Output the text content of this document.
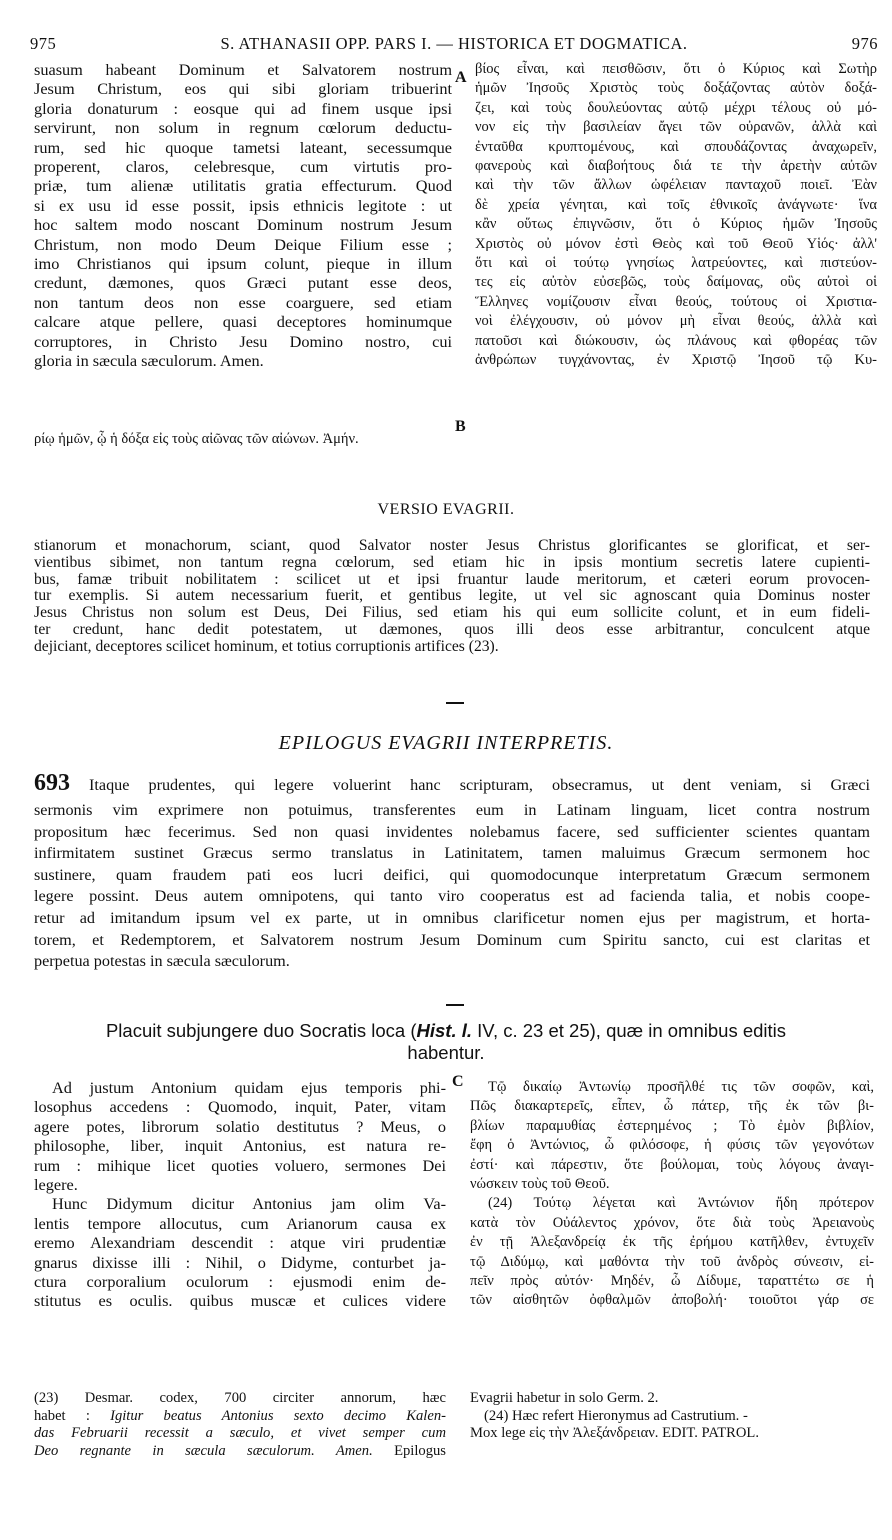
975	S. ATHANASII OPP. PARS I. — HISTORICA ET DOGMATICA.	976
suasum habeant Dominum et Salvatorem nostrum
Jesum Christum, eos qui sibi gloriam tribuerint
gloria donaturum : eosque qui ad finem usque ipsi
servirunt, non solum in regnum cœlorum deductu-
rum, sed hic quoque tametsi lateant, secessumque
properent, claros, celebresque, cum virtutis pro-
priæ, tum alienæ utilitatis gratia effecturum. Quod
si ex usu id esse possit, ipsis ethnicis legitote : ut
hoc saltem modo noscant Dominum nostrum Jesum
Christum, non modo Deum Deique Filium esse ;
imo Christianos qui ipsum colunt, pieque in illum
credunt, dæmones, quos Græci putant esse deos,
non tantum deos non esse coarguere, sed etiam
calcare atque pellere, quasi deceptores hominumque
corruptores, in Christo Jesu Domino nostro, cui
gloria in sæcula sæculorum. Amen.
A
B
βίος εἶναι, καὶ πεισθῶσιν, ὅτι ὁ Κύριος καὶ Σωτὴρ
ἡμῶν Ἰησοῦς Χριστὸς τοὺς δοξάζοντας αὐτὸν δοξά-
ζει, καὶ τοὺς δουλεύοντας αὐτῷ μέχρι τέλους οὐ μό-
νον εἰς τὴν βασιλείαν ἄγει τῶν οὐρανῶν, ἀλλὰ καὶ
ἐνταῦθα κρυπτομένους, καὶ σπουδάζοντας ἀναχωρεῖν,
φανεροὺς καὶ διαβοήτους διά τε τὴν ἀρετὴν αὐτῶν
καὶ τὴν τῶν ἄλλων ὠφέλειαν πανταχοῦ ποιεῖ. Ἐὰν
δὲ χρεία γένηται, καὶ τοῖς ἐθνικοῖς ἀνάγνωτε· ἵνα
κἂν οὕτως ἐπιγνῶσιν, ὅτι ὁ Κύριος ἡμῶν Ἰησοῦς
Χριστὸς οὐ μόνον ἐστὶ Θεὸς καὶ τοῦ Θεοῦ Υἱός· ἀλλ'
ὅτι καὶ οἱ τούτῳ γνησίως λατρεύοντες, καὶ πιστεύον-
τες εἰς αὐτὸν εὐσεβῶς, τοὺς δαίμονας, οὓς αὐτοὶ οἱ
Ἕλληνες νομίζουσιν εἶναι θεούς, τούτους οἱ Χριστια-
νοὶ ἐλέγχουσιν, οὐ μόνον μὴ εἶναι θεούς, ἀλλὰ καὶ
πατοῦσι καὶ διώκουσιν, ὡς πλάνους καὶ φθορέας τῶν
ἀνθρώπων τυγχάνοντας, ἐν Χριστῷ Ἰησοῦ τῷ Κυ-
ρίῳ ἡμῶν, ᾧ ἡ δόξα εἰς τοὺς αἰῶνας τῶν αἰώνων. Ἀμήν.
VERSIO EVAGRII.
stianorum et monachorum, sciant, quod Salvator noster Jesus Christus glorificantes se glorificat, et ser-
vientibus sibimet, non tantum regna cœlorum, sed etiam hic in ipsis montium secretis latere cupienti-
bus, famæ tribuit nobilitatem : scilicet ut et ipsi fruantur laude meritorum, et cæteri eorum provocen-
tur exemplis. Si autem necessarium fuerit, et gentibus legite, ut vel sic agnoscant quia Dominus noster
Jesus Christus non solum est Deus, Dei Filius, sed etiam his qui eum sollicite colunt, et in eum fideli-
ter credunt, hanc dedit potestatem, ut dæmones, quos illi deos esse arbitrantur, conculcent atque
dejiciant, deceptores scilicet hominum, et totius corruptionis artifices (23).
EPILOGUS EVAGRII INTERPRETIS.
693 Itaque prudentes, qui legere voluerint hanc scripturam, obsecramus, ut dent veniam, si Græci
sermonis vim exprimere non potuimus, transferentes eum in Latinam linguam, licet contra nostrum
propositum hæc fecerimus. Sed non quasi invidentes nolebamus facere, sed sufficienter scientes quantam
infirmitatem sustinet Græcus sermo translatus in Latinitatem, tamen maluimus Græcum sermonem hoc
sustinere, quam fraudem pati eos lucri deifici, qui quomodocunque interpretatum Græcum sermonem
legere possint. Deus autem omnipotens, qui tanto viro cooperatus est ad facienda talia, et nobis coope-
retur ad imitandum ipsum vel ex parte, ut in omnibus clarificetur nomen ejus per magistrum, et horta-
torem, et Redemptorem, et Salvatorem nostrum Jesum Dominum cum Spiritu sancto, cui est claritas et
perpetua potestas in sæcula sæculorum.
Placuit subjungere duo Socratis loca (Hist. l. IV, c. 23 et 25), quæ in omnibus editis
habentur.
Ad justum Antonium quidam ejus temporis phi-
losophus accedens : Quomodo, inquit, Pater, vitam
agere potes, librorum solatio destitutus ? Meus, o
philosophe, liber, inquit Antonius, est natura re-
rum : mihique licet quoties voluero, sermones Dei
legere.
Hunc Didymum dicitur Antonius jam olim Va-
lentis tempore allocutus, cum Arianorum causa ex
eremo Alexandriam descendit : atque viri prudentiæ
gnarus dixisse illi : Nihil, o Didyme, conturbet ja-
ctura corporalium oculorum : ejusmodi enim de-
stitutus es oculis. quibus muscæ et culices videre
C	Τῷ δικαίῳ Ἀντωνίῳ προσῆλθέ τις τῶν σοφῶν, καὶ,
Πῶς διακαρτερεῖς, εἶπεν, ὦ πάτερ, τῆς ἐκ τῶν βι-
βλίων παραμυθίας ἐστερημένος ; Τὸ ἐμὸν βιβλίον,
ἔφη ὁ Ἀντώνιος, ὦ φιλόσοφε, ἡ φύσις τῶν γεγονότων
ἐστί· καὶ πάρεστιν, ὅτε βούλομαι, τοὺς λόγους ἀναγι-
νώσκειν τοὺς τοῦ Θεοῦ.
(24) Τούτῳ λέγεται καὶ Ἀντώνιον ἤδη πρότερον
κατὰ τὸν Οὐάλεντος χρόνον, ὅτε διὰ τοὺς Ἀρειανοὺς
ἐν τῇ Ἀλεξανδρείᾳ ἐκ τῆς ἐρήμου κατῆλθεν, ἐντυχεῖν
τῷ Διδύμῳ, καὶ μαθόντα τὴν τοῦ ἀνδρὸς σύνεσιν, εἰ-
πεῖν πρὸς αὐτόν· Μηδέν, ὦ Δίδυμε, ταραττέτω σε ἡ
τῶν αἰσθητῶν ὀφθαλμῶν ἀποβολή· τοιοῦτοι γάρ σε
(23) Desmar. codex, 700 circiter annorum, hæc
habet : Igitur beatus Antonius sexto decimo Kalen-
das Februarii recessit a sæculo, et vivet semper cum
Deo regnante in sæcula sæculorum. Amen. Epilogus
Evagrii habetur in solo Germ. 2.
(24) Hæc refert Hieronymus ad Castrutium. -
Mox lege εἰς τὴν Ἀλεξάνδρειαν. EDIT. PATROL.
